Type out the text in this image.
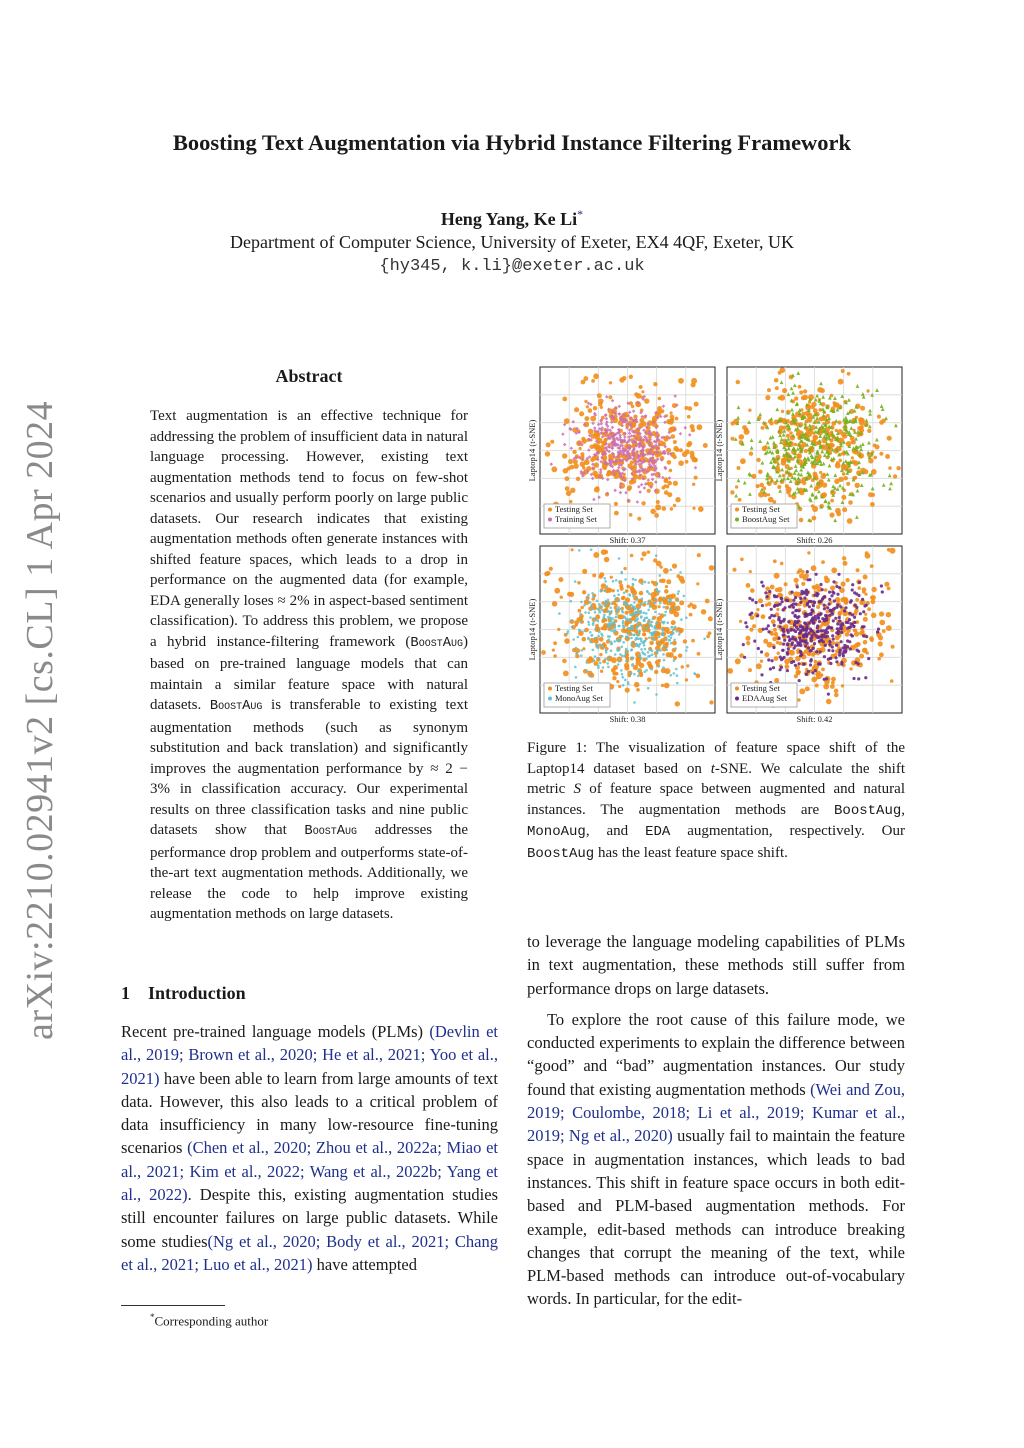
arXiv:2210.02941v2 [cs.CL] 1 Apr 2024
Boosting Text Augmentation via Hybrid Instance Filtering Framework
Heng Yang, Ke Li*
Department of Computer Science, University of Exeter, EX4 4QF, Exeter, UK
{hy345, k.li}@exeter.ac.uk
Abstract
Text augmentation is an effective technique for addressing the problem of insufficient data in natural language processing. However, existing text augmentation methods tend to focus on few-shot scenarios and usually perform poorly on large public datasets. Our research indicates that existing augmentation methods often generate instances with shifted feature spaces, which leads to a drop in performance on the augmented data (for example, EDA generally loses ≈ 2% in aspect-based sentiment classification). To address this problem, we propose a hybrid instance-filtering framework (BoostAug) based on pre-trained language models that can maintain a similar feature space with natural datasets. BoostAug is transferable to existing text augmentation methods (such as synonym substitution and back translation) and significantly improves the augmentation performance by ≈ 2 − 3% in classification accuracy. Our experimental results on three classification tasks and nine public datasets show that BoostAug addresses the performance drop problem and outperforms state-of-the-art text augmentation methods. Additionally, we release the code to help improve existing augmentation methods on large datasets.
1 Introduction
Recent pre-trained language models (PLMs) (Devlin et al., 2019; Brown et al., 2020; He et al., 2021; Yoo et al., 2021) have been able to learn from large amounts of text data. However, this also leads to a critical problem of data insufficiency in many low-resource fine-tuning scenarios (Chen et al., 2020; Zhou et al., 2022a; Miao et al., 2021; Kim et al., 2022; Wang et al., 2022b; Yang et al., 2022). Despite this, existing augmentation studies still encounter failures on large public datasets. While some studies(Ng et al., 2020; Body et al., 2021; Chang et al., 2021; Luo et al., 2021) have attempted
*Corresponding author
Testing Set
Training Set
Shift: 0.37
Laptop14 (t-SNE)
Testing Set
BoostAug Set
Shift: 0.26
Laptop14 (t-SNE)
Testing Set
MonoAug Set
Shift: 0.38
Laptop14 (t-SNE)
Testing Set
EDAAug Set
Shift: 0.42
Laptop14 (t-SNE)
Figure 1: The visualization of feature space shift of the Laptop14 dataset based on t-SNE. We calculate the shift metric S of feature space between augmented and natural instances. The augmentation methods are BoostAug, MonoAug, and EDA augmentation, respectively. Our BoostAug has the least feature space shift.

to leverage the language modeling capabilities of PLMs in text augmentation, these methods still suffer from performance drops on large datasets.

To explore the root cause of this failure mode, we conducted experiments to explain the difference between “good” and “bad” augmentation instances. Our study found that existing augmentation methods (Wei and Zou, 2019; Coulombe, 2018; Li et al., 2019; Kumar et al., 2019; Ng et al., 2020) usually fail to maintain the feature space in augmentation instances, which leads to bad instances. This shift in feature space occurs in both edit-based and PLM-based augmentation methods. For example, edit-based methods can introduce breaking changes that corrupt the meaning of the text, while PLM-based methods can introduce out-of-vocabulary words. In particular, for the edit-
